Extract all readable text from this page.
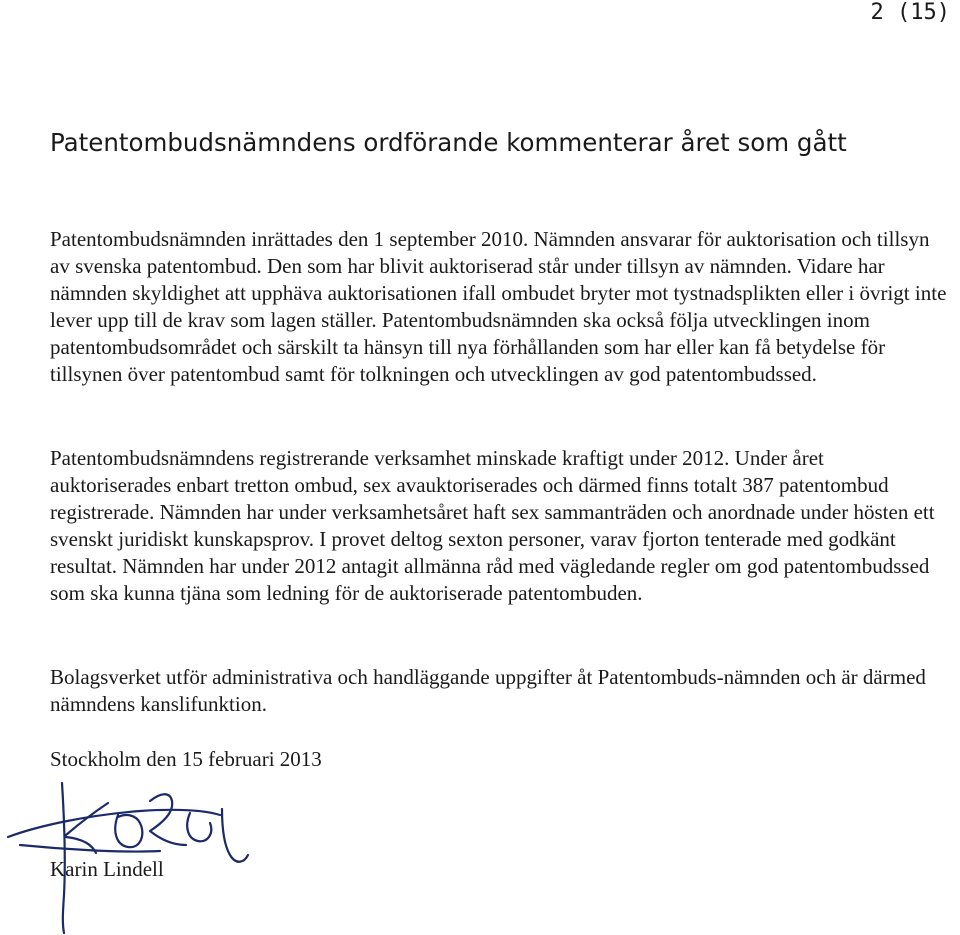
2 (15)
Patentombudsnämndens ordförande kommenterar året som gått

Patentombudsnämnden inrättades den 1 september 2010. Nämnden ansvarar för auktorisation och tillsyn av svenska patentombud. Den som har blivit auktoriserad står under tillsyn av nämnden. Vidare har nämnden skyldighet att upphäva auktorisationen ifall ombudet bryter mot tystnadsplikten eller i övrigt inte lever upp till de krav som lagen ställer. Patentombudsnämnden ska också följa utvecklingen inom patentombudsområdet och särskilt ta hänsyn till nya förhållanden som har eller kan få betydelse för tillsynen över patentombud samt för tolkningen och utvecklingen av god patentombudssed.

Patentombudsnämndens registrerande verksamhet minskade kraftigt under 2012. Under året auktoriserades enbart tretton ombud, sex avauktoriserades och därmed finns totalt 387 patentombud registrerade. Nämnden har under verksamhetsåret haft sex sammanträden och anordnade under hösten ett svenskt juridiskt kunskapsprov. I provet deltog sexton personer, varav fjorton tenterade med godkänt resultat. Nämnden har under 2012 antagit allmänna råd med vägledande regler om god patentombudssed som ska kunna tjäna som ledning för de auktoriserade patentombuden.

Bolagsverket utför administrativa och handläggande uppgifter åt Patentombuds-nämnden och är därmed nämndens kanslifunktion.

Stockholm den 15 februari 2013

Karin Lindell
